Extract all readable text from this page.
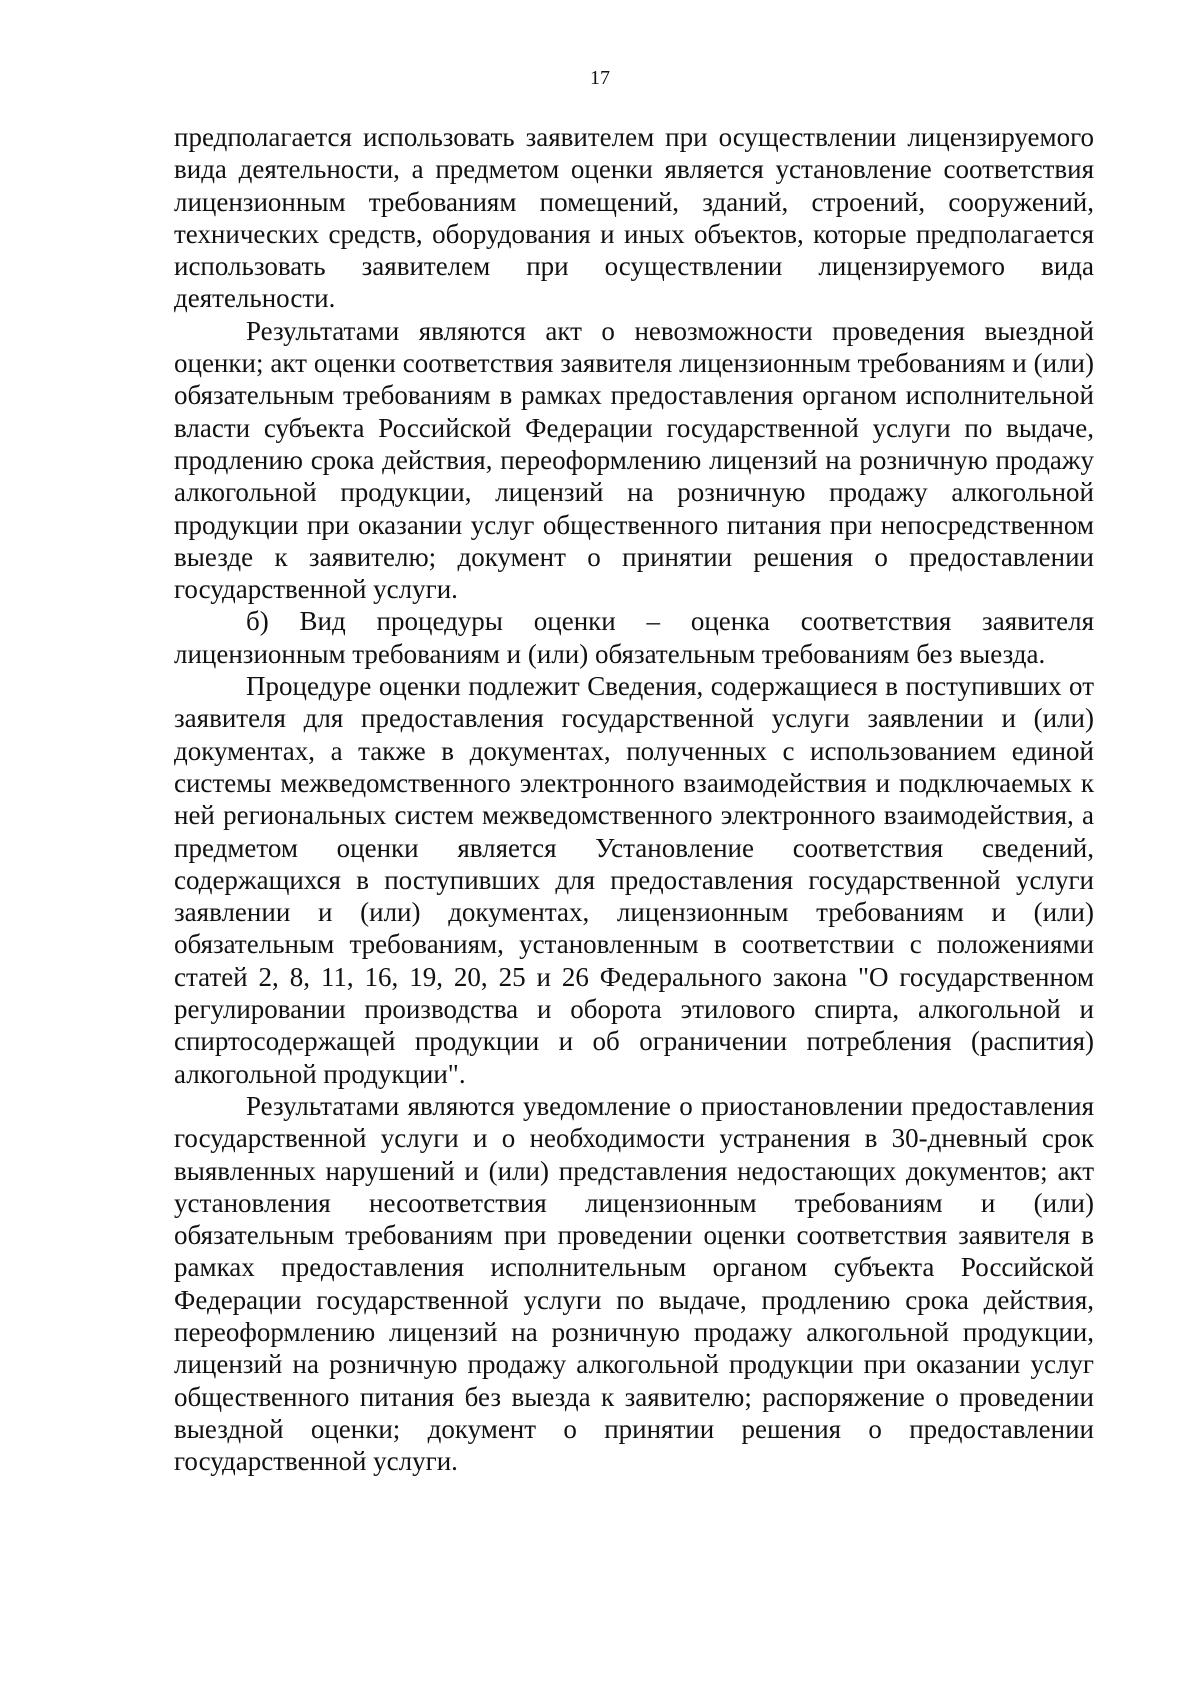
17

предполагается использовать заявителем при осуществлении лицензируемого вида деятельности, а предметом оценки является установление соответствия лицензионным требованиям помещений, зданий, строений, сооружений, технических средств, оборудования и иных объектов, которые предполагается использовать заявителем при осуществлении лицензируемого вида деятельности.

Результатами являются акт о невозможности проведения выездной оценки; акт оценки соответствия заявителя лицензионным требованиям и (или) обязательным требованиям в рамках предоставления органом исполнительной власти субъекта Российской Федерации государственной услуги по выдаче, продлению срока действия, переоформлению лицензий на розничную продажу алкогольной продукции, лицензий на розничную продажу алкогольной продукции при оказании услуг общественного питания при непосредственном выезде к заявителю; документ о принятии решения о предоставлении государственной услуги.

б) Вид процедуры оценки – оценка соответствия заявителя лицензионным требованиям и (или) обязательным требованиям без выезда.

Процедуре оценки подлежит Сведения, содержащиеся в поступивших от заявителя для предоставления государственной услуги заявлении и (или) документах, а также в документах, полученных с использованием единой системы межведомственного электронного взаимодействия и подключаемых к ней региональных систем межведомственного электронного взаимодействия, а предметом оценки является Установление соответствия сведений, содержащихся в поступивших для предоставления государственной услуги заявлении и (или) документах, лицензионным требованиям и (или) обязательным требованиям, установленным в соответствии с положениями статей 2, 8, 11, 16, 19, 20, 25 и 26 Федерального закона "О государственном регулировании производства и оборота этилового спирта, алкогольной и спиртосодержащей продукции и об ограничении потребления (распития) алкогольной продукции".

Результатами являются уведомление о приостановлении предоставления государственной услуги и о необходимости устранения в 30-дневный срок выявленных нарушений и (или) представления недостающих документов; акт установления несоответствия лицензионным требованиям и (или) обязательным требованиям при проведении оценки соответствия заявителя в рамках предоставления исполнительным органом субъекта Российской Федерации государственной услуги по выдаче, продлению срока действия, переоформлению лицензий на розничную продажу алкогольной продукции, лицензий на розничную продажу алкогольной продукции при оказании услуг общественного питания без выезда к заявителю; распоряжение о проведении выездной оценки; документ о принятии решения о предоставлении государственной услуги.
